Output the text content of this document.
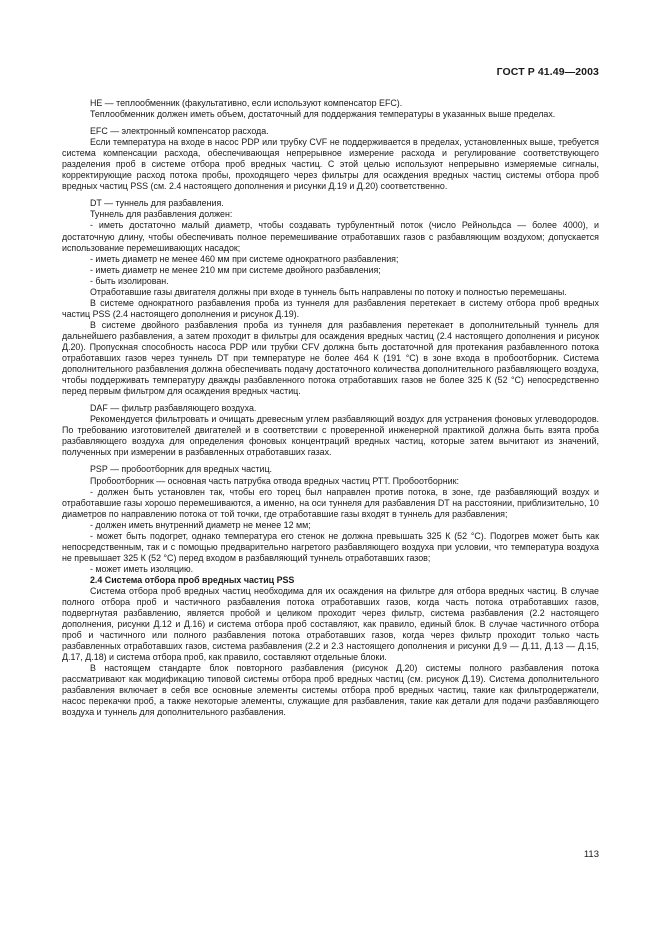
ГОСТ Р 41.49—2003

НЕ — теплообменник (факультативно, если используют компенсатор EFC).

Теплообменник должен иметь объем, достаточный для поддержания температуры в указанных выше пределах.

EFC — электронный компенсатор расхода.

Если температура на входе в насос PDP или трубку CVF не поддерживается в пределах, установленных выше, требуется система компенсации расхода, обеспечивающая непрерывное измерение расхода и регулирование соответствующего разделения проб в системе отбора проб вредных частиц. С этой целью используют непрерывно измеряемые сигналы, корректирующие расход потока пробы, проходящего через фильтры для осаждения вредных частиц системы отбора проб вредных частиц PSS (см. 2.4 настоящего дополнения и рисунки Д.19 и Д.20) соответственно.

DT — туннель для разбавления.

Туннель для разбавления должен:

- иметь достаточно малый диаметр, чтобы создавать турбулентный поток (число Рейнольдса — более 4000), и достаточную длину, чтобы обеспечивать полное перемешивание отработавших газов с разбавляющим воздухом; допускается использование перемешивающих насадок;

- иметь диаметр не менее 460 мм при системе однократного разбавления;

- иметь диаметр не менее 210 мм при системе двойного разбавления;

- быть изолирован.

Отработавшие газы двигателя должны при входе в туннель быть направлены по потоку и полностью перемешаны.

В системе однократного разбавления проба из туннеля для разбавления перетекает в систему отбора проб вредных частиц PSS (2.4 настоящего дополнения и рисунок Д.19).

В системе двойного разбавления проба из туннеля для разбавления перетекает в дополнительный туннель для дальнейшего разбавления, а затем проходит в фильтры для осаждения вредных частиц (2.4 настоящего дополнения и рисунок Д.20). Пропускная способность насоса PDP или трубки CFV должна быть достаточной для протекания разбавленного потока отработавших газов через туннель DT при температуре не более 464 К (191 °С) в зоне входа в пробоотборник. Система дополнительного разбавления должна обеспечивать подачу достаточного количества дополнительного разбавляющего воздуха, чтобы поддерживать температуру дважды разбавленного потока отработавших газов не более 325 К (52 °С) непосредственно перед первым фильтром для осаждения вредных частиц.

DAF — фильтр разбавляющего воздуха.

Рекомендуется фильтровать и очищать древесным углем разбавляющий воздух для устранения фоновых углеводородов. По требованию изготовителей двигателей и в соответствии с проверенной инженерной практикой должна быть взята проба разбавляющего воздуха для определения фоновых концентраций вредных частиц, которые затем вычитают из значений, полученных при измерении в разбавленных отработавших газах.

PSP — пробоотборник для вредных частиц.

Пробоотборник — основная часть патрубка отвода вредных частиц РТТ. Пробоотборник:

- должен быть установлен так, чтобы его торец был направлен против потока, в зоне, где разбавляющий воздух и отработавшие газы хорошо перемешиваются, а именно, на оси туннеля для разбавления DT на расстоянии, приблизительно, 10 диаметров по направлению потока от той точки, где отработавшие газы входят в туннель для разбавления;

- должен иметь внутренний диаметр не менее 12 мм;

- может быть подогрет, однако температура его стенок не должна превышать 325 К (52 °С). Подогрев может быть как непосредственным, так и с помощью предварительно нагретого разбавляющего воздуха при условии, что температура воздуха не превышает 325 К (52 °С) перед входом в разбавляющий туннель отработавших газов;

- может иметь изоляцию.

2.4 Система отбора проб вредных частиц PSS

Система отбора проб вредных частиц необходима для их осаждения на фильтре для отбора вредных частиц. В случае полного отбора проб и частичного разбавления потока отработавших газов, когда часть потока отработавших газов, подвергнутая разбавлению, является пробой и целиком проходит через фильтр, система разбавления (2.2 настоящего дополнения, рисунки Д.12 и Д.16) и система отбора проб составляют, как правило, единый блок. В случае частичного отбора проб и частичного или полного разбавления потока отработавших газов, когда через фильтр проходит только часть разбавленных отработавших газов, система разбавления (2.2 и 2.3 настоящего дополнения и рисунки Д.9 — Д.11, Д.13 — Д.15, Д.17, Д.18) и система отбора проб, как правило, составляют отдельные блоки.

В настоящем стандарте блок повторного разбавления (рисунок Д.20) системы полного разбавления потока рассматривают как модификацию типовой системы отбора проб вредных частиц (см. рисунок Д.19). Система дополнительного разбавления включает в себя все основные элементы системы отбора проб вредных частиц, такие как фильтродержатели, насос перекачки проб, а также некоторые элементы, служащие для разбавления, такие как детали для подачи разбавляющего воздуха и туннель для дополнительного разбавления.

113
